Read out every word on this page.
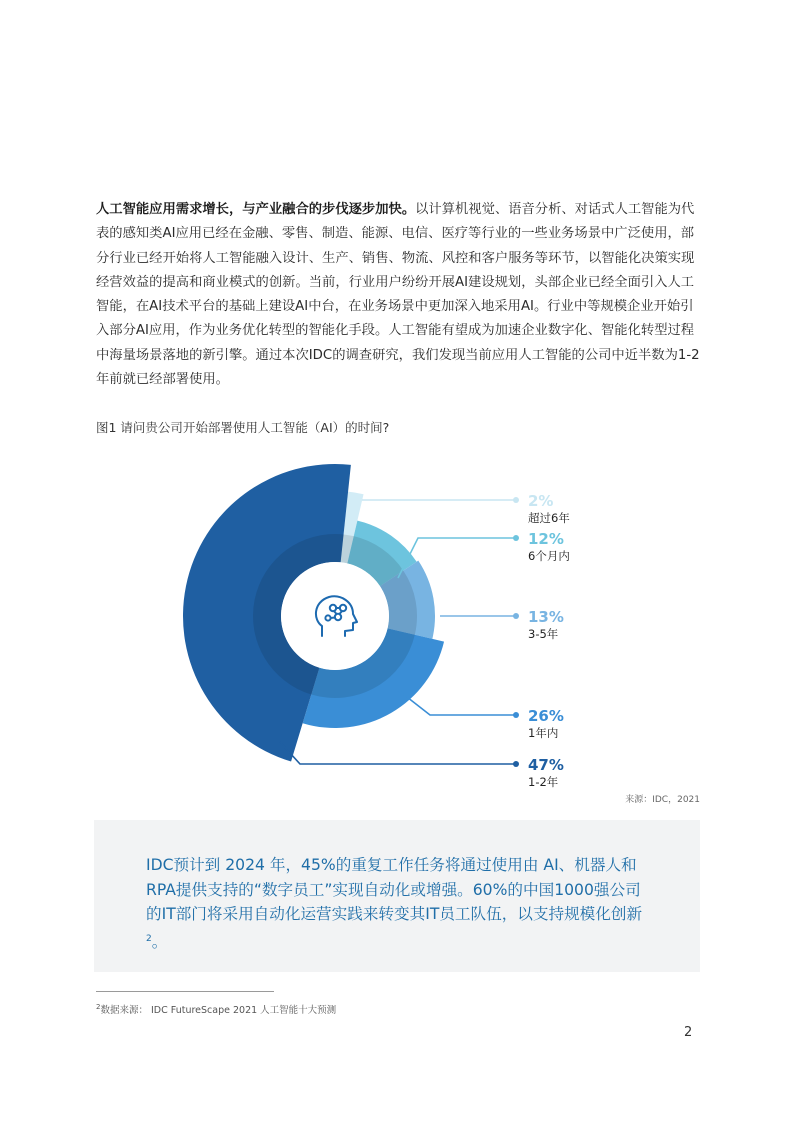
人工智能应用需求增长，与产业融合的步伐逐步加快。以计算机视觉、语音分析、对话式人工智能为代表的感知类AI应用已经在金融、零售、制造、能源、电信、医疗等行业的一些业务场景中广泛使用，部分行业已经开始将人工智能融入设计、生产、销售、物流、风控和客户服务等环节，以智能化决策实现经营效益的提高和商业模式的创新。当前，行业用户纷纷开展AI建设规划，头部企业已经全面引入人工智能，在AI技术平台的基础上建设AI中台，在业务场景中更加深入地采用AI。行业中等规模企业开始引入部分AI应用，作为业务优化转型的智能化手段。人工智能有望成为加速企业数字化、智能化转型过程中海量场景落地的新引擎。通过本次IDC的调查研究，我们发现当前应用人工智能的公司中近半数为1-2年前就已经部署使用。

图1 请问贵公司开始部署使用人工智能（AI）的时间?

2%
超过6年
12%
6个月内
13%
3-5年
26%
1年内
47%
1-2年

来源：IDC，2021

IDC预计到 2024 年，45%的重复工作任务将通过使用由 AI、机器人和RPA提供支持的“数字员工”实现自动化或增强。60%的中国1000强公司的IT部门将采用自动化运营实践来转变其IT员工队伍，以支持规模化创新$^2$。

$^2$数据来源： IDC FutureScape 2021 人工智能十大预测

2
